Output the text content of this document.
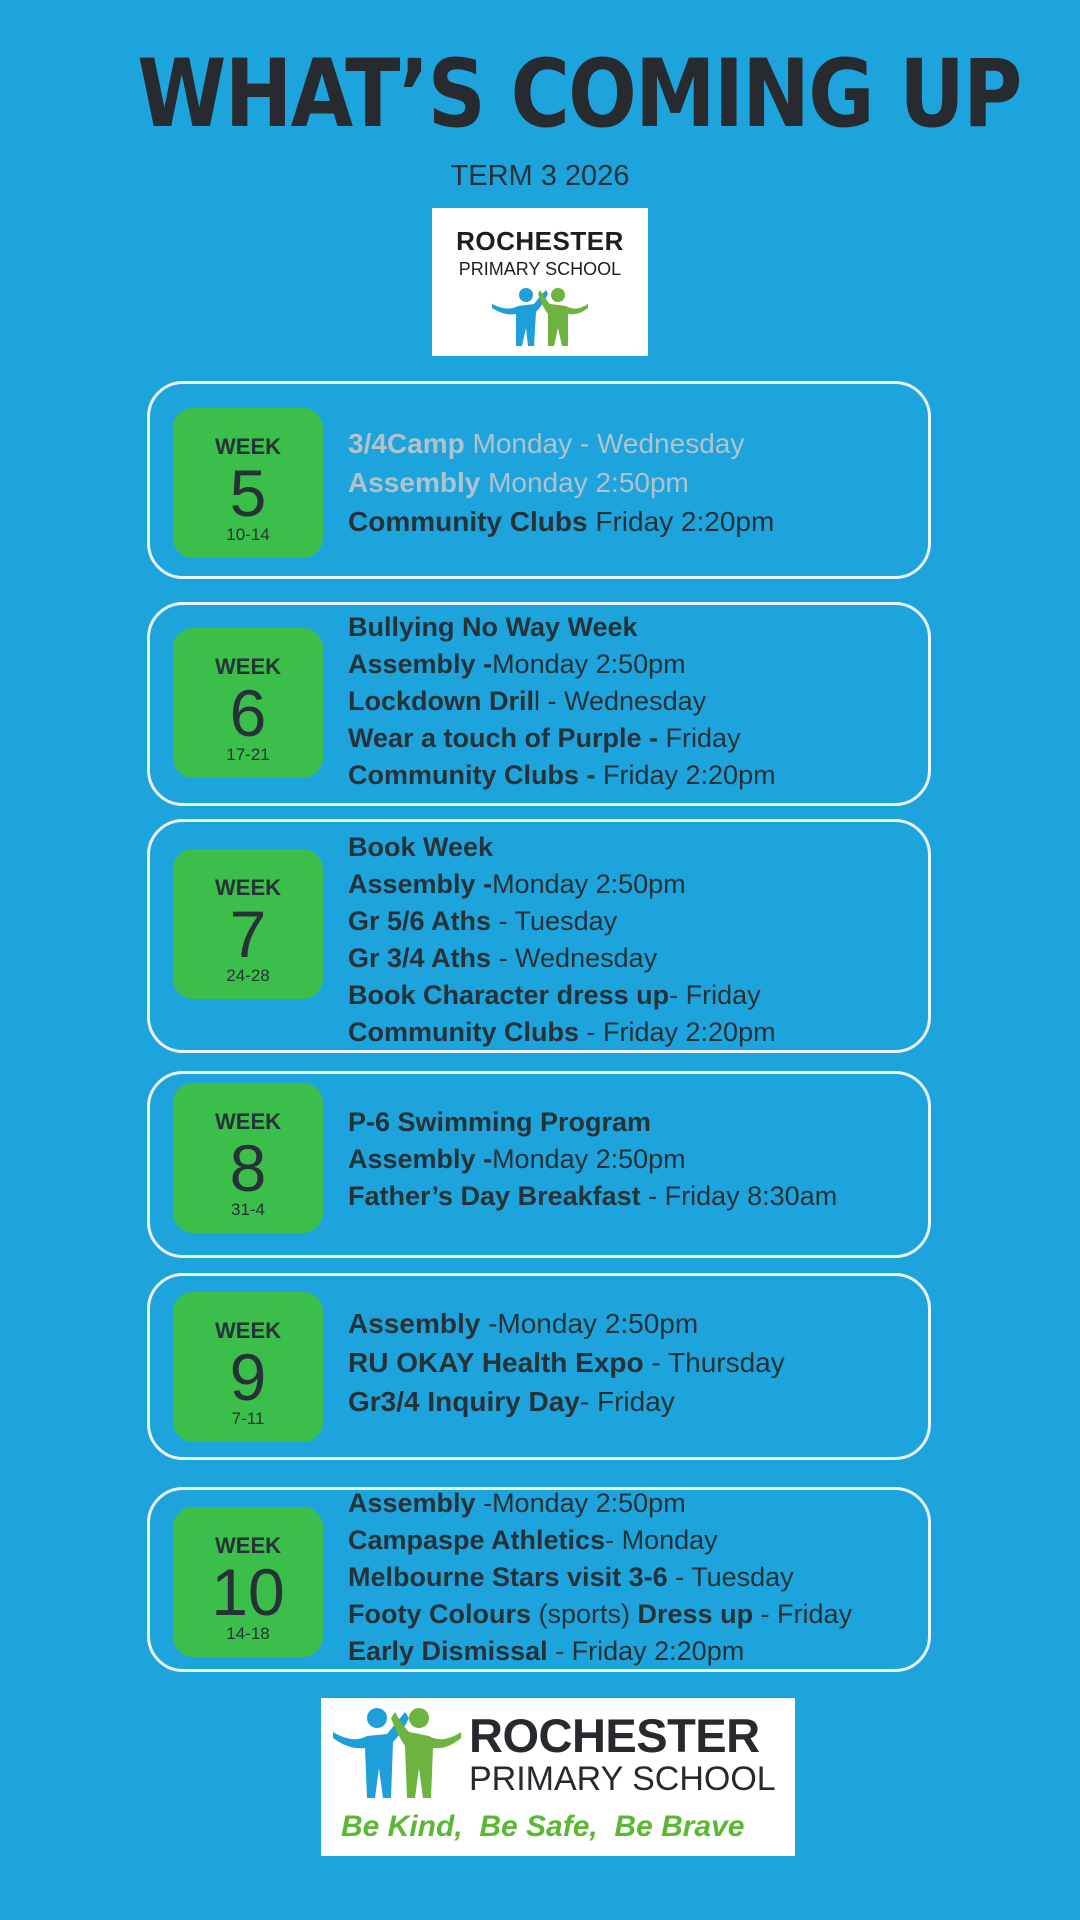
WHAT’S COMING UP
TERM 3 2026
ROCHESTER
PRIMARY SCHOOL
WEEK
5
10-14
3/4Camp Monday - Wednesday
Assembly Monday 2:50pm
Community Clubs Friday 2:20pm
WEEK
6
17-21
Bullying No Way Week
Assembly -Monday 2:50pm
Lockdown Drill - Wednesday
Wear a touch of Purple - Friday
Community Clubs - Friday 2:20pm
WEEK
7
24-28
Book Week
Assembly -Monday 2:50pm
Gr 5/6 Aths - Tuesday
Gr 3/4 Aths - Wednesday
Book Character dress up- Friday
Community Clubs - Friday 2:20pm
WEEK
8
31-4
P-6 Swimming Program
Assembly -Monday 2:50pm
Father’s Day Breakfast - Friday 8:30am
WEEK
9
7-11
Assembly -Monday 2:50pm
RU OKAY Health Expo - Thursday
Gr3/4 Inquiry Day- Friday
WEEK
10
14-18
Assembly -Monday 2:50pm
Campaspe Athletics- Monday
Melbourne Stars visit 3-6 - Tuesday
Footy Colours (sports) Dress up - Friday
Early Dismissal - Friday 2:20pm
ROCHESTER
PRIMARY SCHOOL
Be Kind,  Be Safe,  Be Brave
